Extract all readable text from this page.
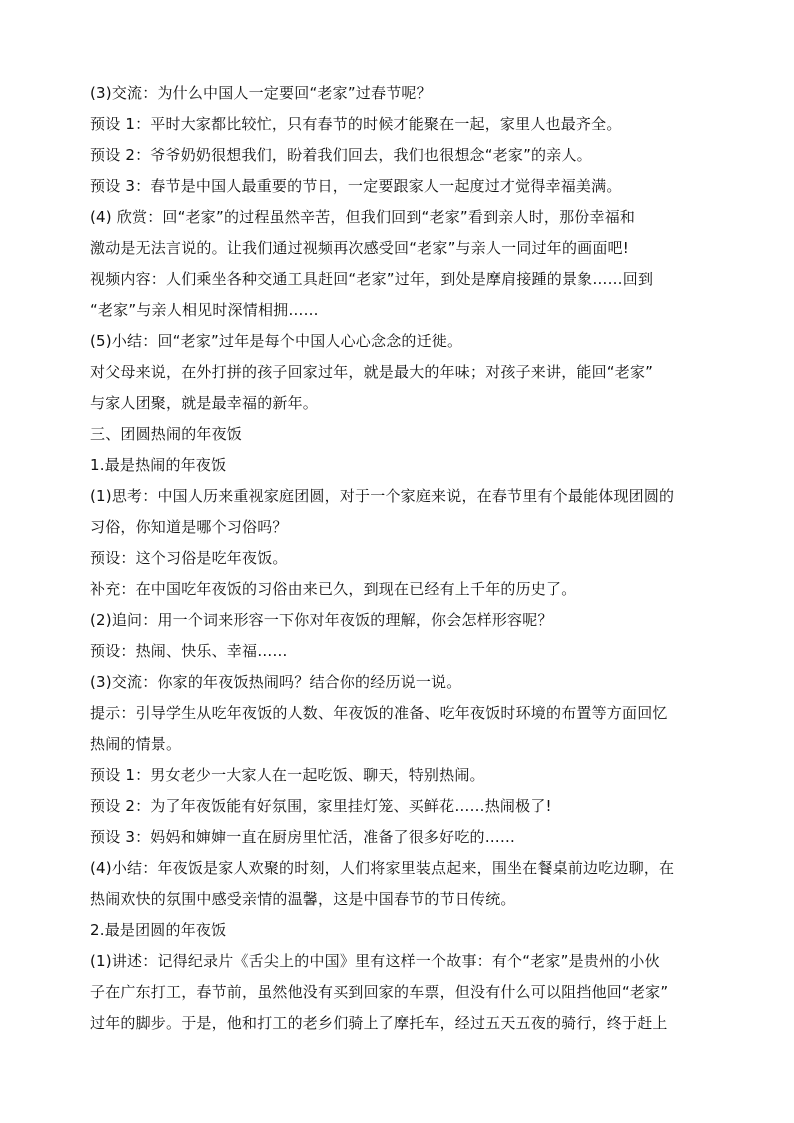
(3)交流：为什么中国人一定要回“老家”过春节呢？

预设 1：平时大家都比较忙，只有春节的时候才能聚在一起，家里人也最齐全。

预设 2：爷爷奶奶很想我们，盼着我们回去，我们也很想念“老家”的亲人。

预设 3：春节是中国人最重要的节日，一定要跟家人一起度过才觉得幸福美满。

(4) 欣赏：回“老家”的过程虽然辛苦，但我们回到“老家”看到亲人时，那份幸福和

激动是无法言说的。让我们通过视频再次感受回“老家”与亲人一同过年的画面吧!

视频内容：人们乘坐各种交通工具赶回“老家”过年，到处是摩肩接踵的景象……回到

“老家”与亲人相见时深情相拥……

(5)小结：回“老家”过年是每个中国人心心念念的迁徙。

对父母来说，在外打拼的孩子回家过年，就是最大的年味；对孩子来讲，能回“老家”

与家人团聚，就是最幸福的新年。

三、团圆热闹的年夜饭

1.最是热闹的年夜饭

(1)思考：中国人历来重视家庭团圆，对于一个家庭来说，在春节里有个最能体现团圆的

习俗，你知道是哪个习俗吗？

预设：这个习俗是吃年夜饭。

补充：在中国吃年夜饭的习俗由来已久，到现在已经有上千年的历史了。

(2)追问：用一个词来形容一下你对年夜饭的理解，你会怎样形容呢？

预设：热闹、快乐、幸福……

(3)交流：你家的年夜饭热闹吗？结合你的经历说一说。

提示：引导学生从吃年夜饭的人数、年夜饭的准备、吃年夜饭时环境的布置等方面回忆

热闹的情景。

预设 1：男女老少一大家人在一起吃饭、聊天，特别热闹。

预设 2：为了年夜饭能有好氛围，家里挂灯笼、买鲜花……热闹极了!

预设 3：妈妈和婶婶一直在厨房里忙活，准备了很多好吃的……

(4)小结：年夜饭是家人欢聚的时刻，人们将家里装点起来，围坐在餐桌前边吃边聊，在

热闹欢快的氛围中感受亲情的温馨，这是中国春节的节日传统。

2.最是团圆的年夜饭

(1)讲述：记得纪录片《舌尖上的中国》里有这样一个故事：有个“老家”是贵州的小伙

子在广东打工，春节前，虽然他没有买到回家的车票，但没有什么可以阻挡他回“老家”

过年的脚步。于是，他和打工的老乡们骑上了摩托车，经过五天五夜的骑行，终于赶上
